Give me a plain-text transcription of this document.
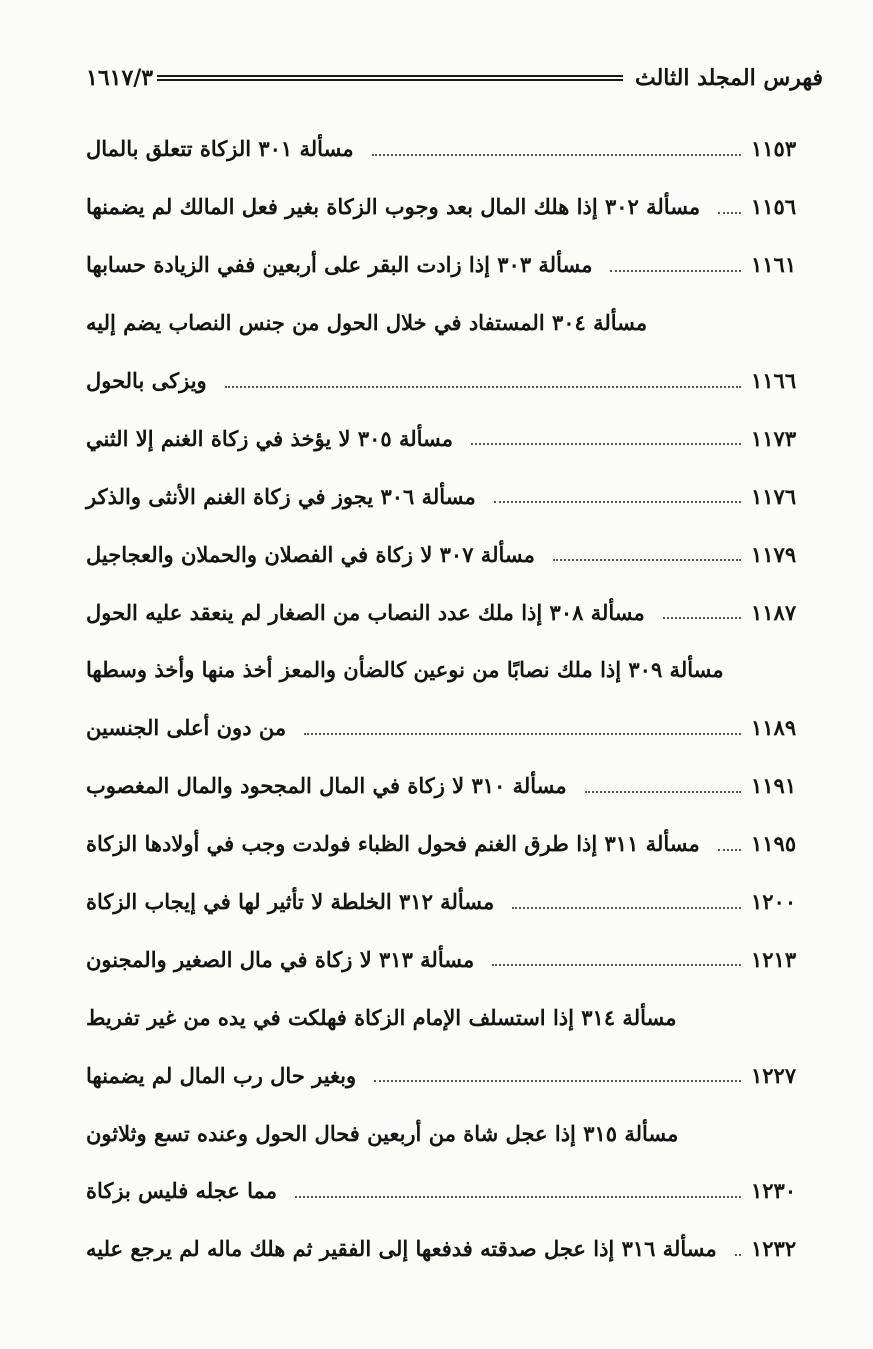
فهرس المجلد الثالث
١٦١٧/٣
مسألة ٣٠١ الزكاة تتعلق بالمال	١١٥٣
مسألة ٣٠٢ إذا هلك المال بعد وجوب الزكاة بغير فعل المالك لم يضمنها ١١٥٦
مسألة ٣٠٣ إذا زادت البقر على أربعين ففي الزيادة حسابها	١١٦١
مسألة ٣٠٤ المستفاد في خلال الحول من جنس النصاب يضم إليه
ويزكى بالحول	١١٦٦
مسألة ٣٠٥ لا يؤخذ في زكاة الغنم إلا الثني	١١٧٣
مسألة ٣٠٦ يجوز في زكاة الغنم الأنثى والذكر	١١٧٦
مسألة ٣٠٧ لا زكاة في الفصلان والحملان والعجاجيل	١١٧٩
مسألة ٣٠٨ إذا ملك عدد النصاب من الصغار لم ينعقد عليه الحول	١١٨٧
مسألة ٣٠٩ إذا ملك نصابًا من نوعين كالضأن والمعز أخذ منها وأخذ وسطها
من دون أعلى الجنسين	١١٨٩
مسألة ٣١٠ لا زكاة في المال المجحود والمال المغصوب	١١٩١
مسألة ٣١١ إذا طرق الغنم فحول الظباء فولدت وجب في أولادها الزكاة ١١٩٥
مسألة ٣١٢ الخلطة لا تأثير لها في إيجاب الزكاة	١٢٠٠
مسألة ٣١٣ لا زكاة في مال الصغير والمجنون	١٢١٣
مسألة ٣١٤ إذا استسلف الإمام الزكاة فهلكت في يده من غير تفريط
وبغير حال رب المال لم يضمنها	١٢٢٧
مسألة ٣١٥ إذا عجل شاة من أربعين فحال الحول وعنده تسع وثلاثون
مما عجله فليس بزكاة	١٢٣٠
مسألة ٣١٦ إذا عجل صدقته فدفعها إلى الفقير ثم هلك ماله لم يرجع عليه ١٢٣٢
